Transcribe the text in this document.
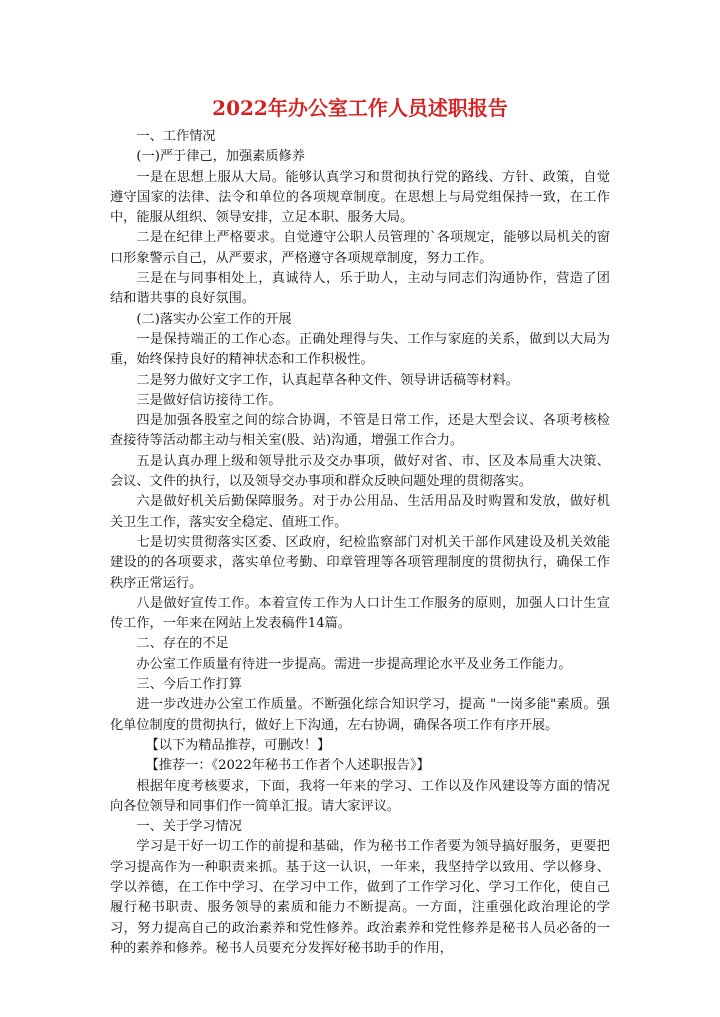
2022年办公室工作人员述职报告

一、工作情况

(一)严于律己，加强素质修养

一是在思想上服从大局。能够认真学习和贯彻执行党的路线、方针、政策，自觉遵守国家的法律、法令和单位的各项规章制度。在思想上与局党组保持一致，在工作中，能服从组织、领导安排，立足本职、服务大局。

二是在纪律上严格要求。自觉遵守公职人员管理的`各项规定，能够以局机关的窗口形象警示自己，从严要求，严格遵守各项规章制度，努力工作。

三是在与同事相处上，真诚待人，乐于助人，主动与同志们沟通协作，营造了团结和谐共事的良好氛围。

(二)落实办公室工作的开展

一是保持端正的工作心态。正确处理得与失、工作与家庭的关系，做到以大局为重，始终保持良好的精神状态和工作积极性。

二是努力做好文字工作，认真起草各种文件、领导讲话稿等材料。

三是做好信访接待工作。

四是加强各股室之间的综合协调，不管是日常工作，还是大型会议、各项考核检查接待等活动都主动与相关室(股、站)沟通，增强工作合力。

五是认真办理上级和领导批示及交办事项，做好对省、市、区及本局重大决策、会议、文件的执行，以及领导交办事项和群众反映问题处理的贯彻落实。

六是做好机关后勤保障服务。对于办公用品、生活用品及时购置和发放，做好机关卫生工作，落实安全稳定、值班工作。

七是切实贯彻落实区委、区政府，纪检监察部门对机关干部作风建设及机关效能建设的的各项要求，落实单位考勤、印章管理等各项管理制度的贯彻执行，确保工作秩序正常运行。

八是做好宣传工作。本着宣传工作为人口计生工作服务的原则，加强人口计生宣传工作，一年来在网站上发表稿件14篇。

二、存在的不足

办公室工作质量有待进一步提高。需进一步提高理论水平及业务工作能力。

三、今后工作打算

进一步改进办公室工作质量。不断强化综合知识学习，提高 "一岗多能"素质。强化单位制度的贯彻执行，做好上下沟通，左右协调，确保各项工作有序开展。

【以下为精品推荐，可删改！】

【推荐一：《2022年秘书工作者个人述职报告》】

根据年度考核要求，下面，我将一年来的学习、工作以及作风建设等方面的情况向各位领导和同事们作一简单汇报。请大家评议。

一、关于学习情况

学习是干好一切工作的前提和基础，作为秘书工作者要为领导搞好服务，更要把学习提高作为一种职责来抓。基于这一认识，一年来，我坚持学以致用、学以修身、学以养德，在工作中学习、在学习中工作，做到了工作学习化、学习工作化，使自己履行秘书职责、服务领导的素质和能力不断提高。一方面，注重强化政治理论的学习，努力提高自己的政治素养和党性修养。政治素养和党性修养是秘书人员必备的一种的素养和修养。秘书人员要充分发挥好秘书助手的作用，
